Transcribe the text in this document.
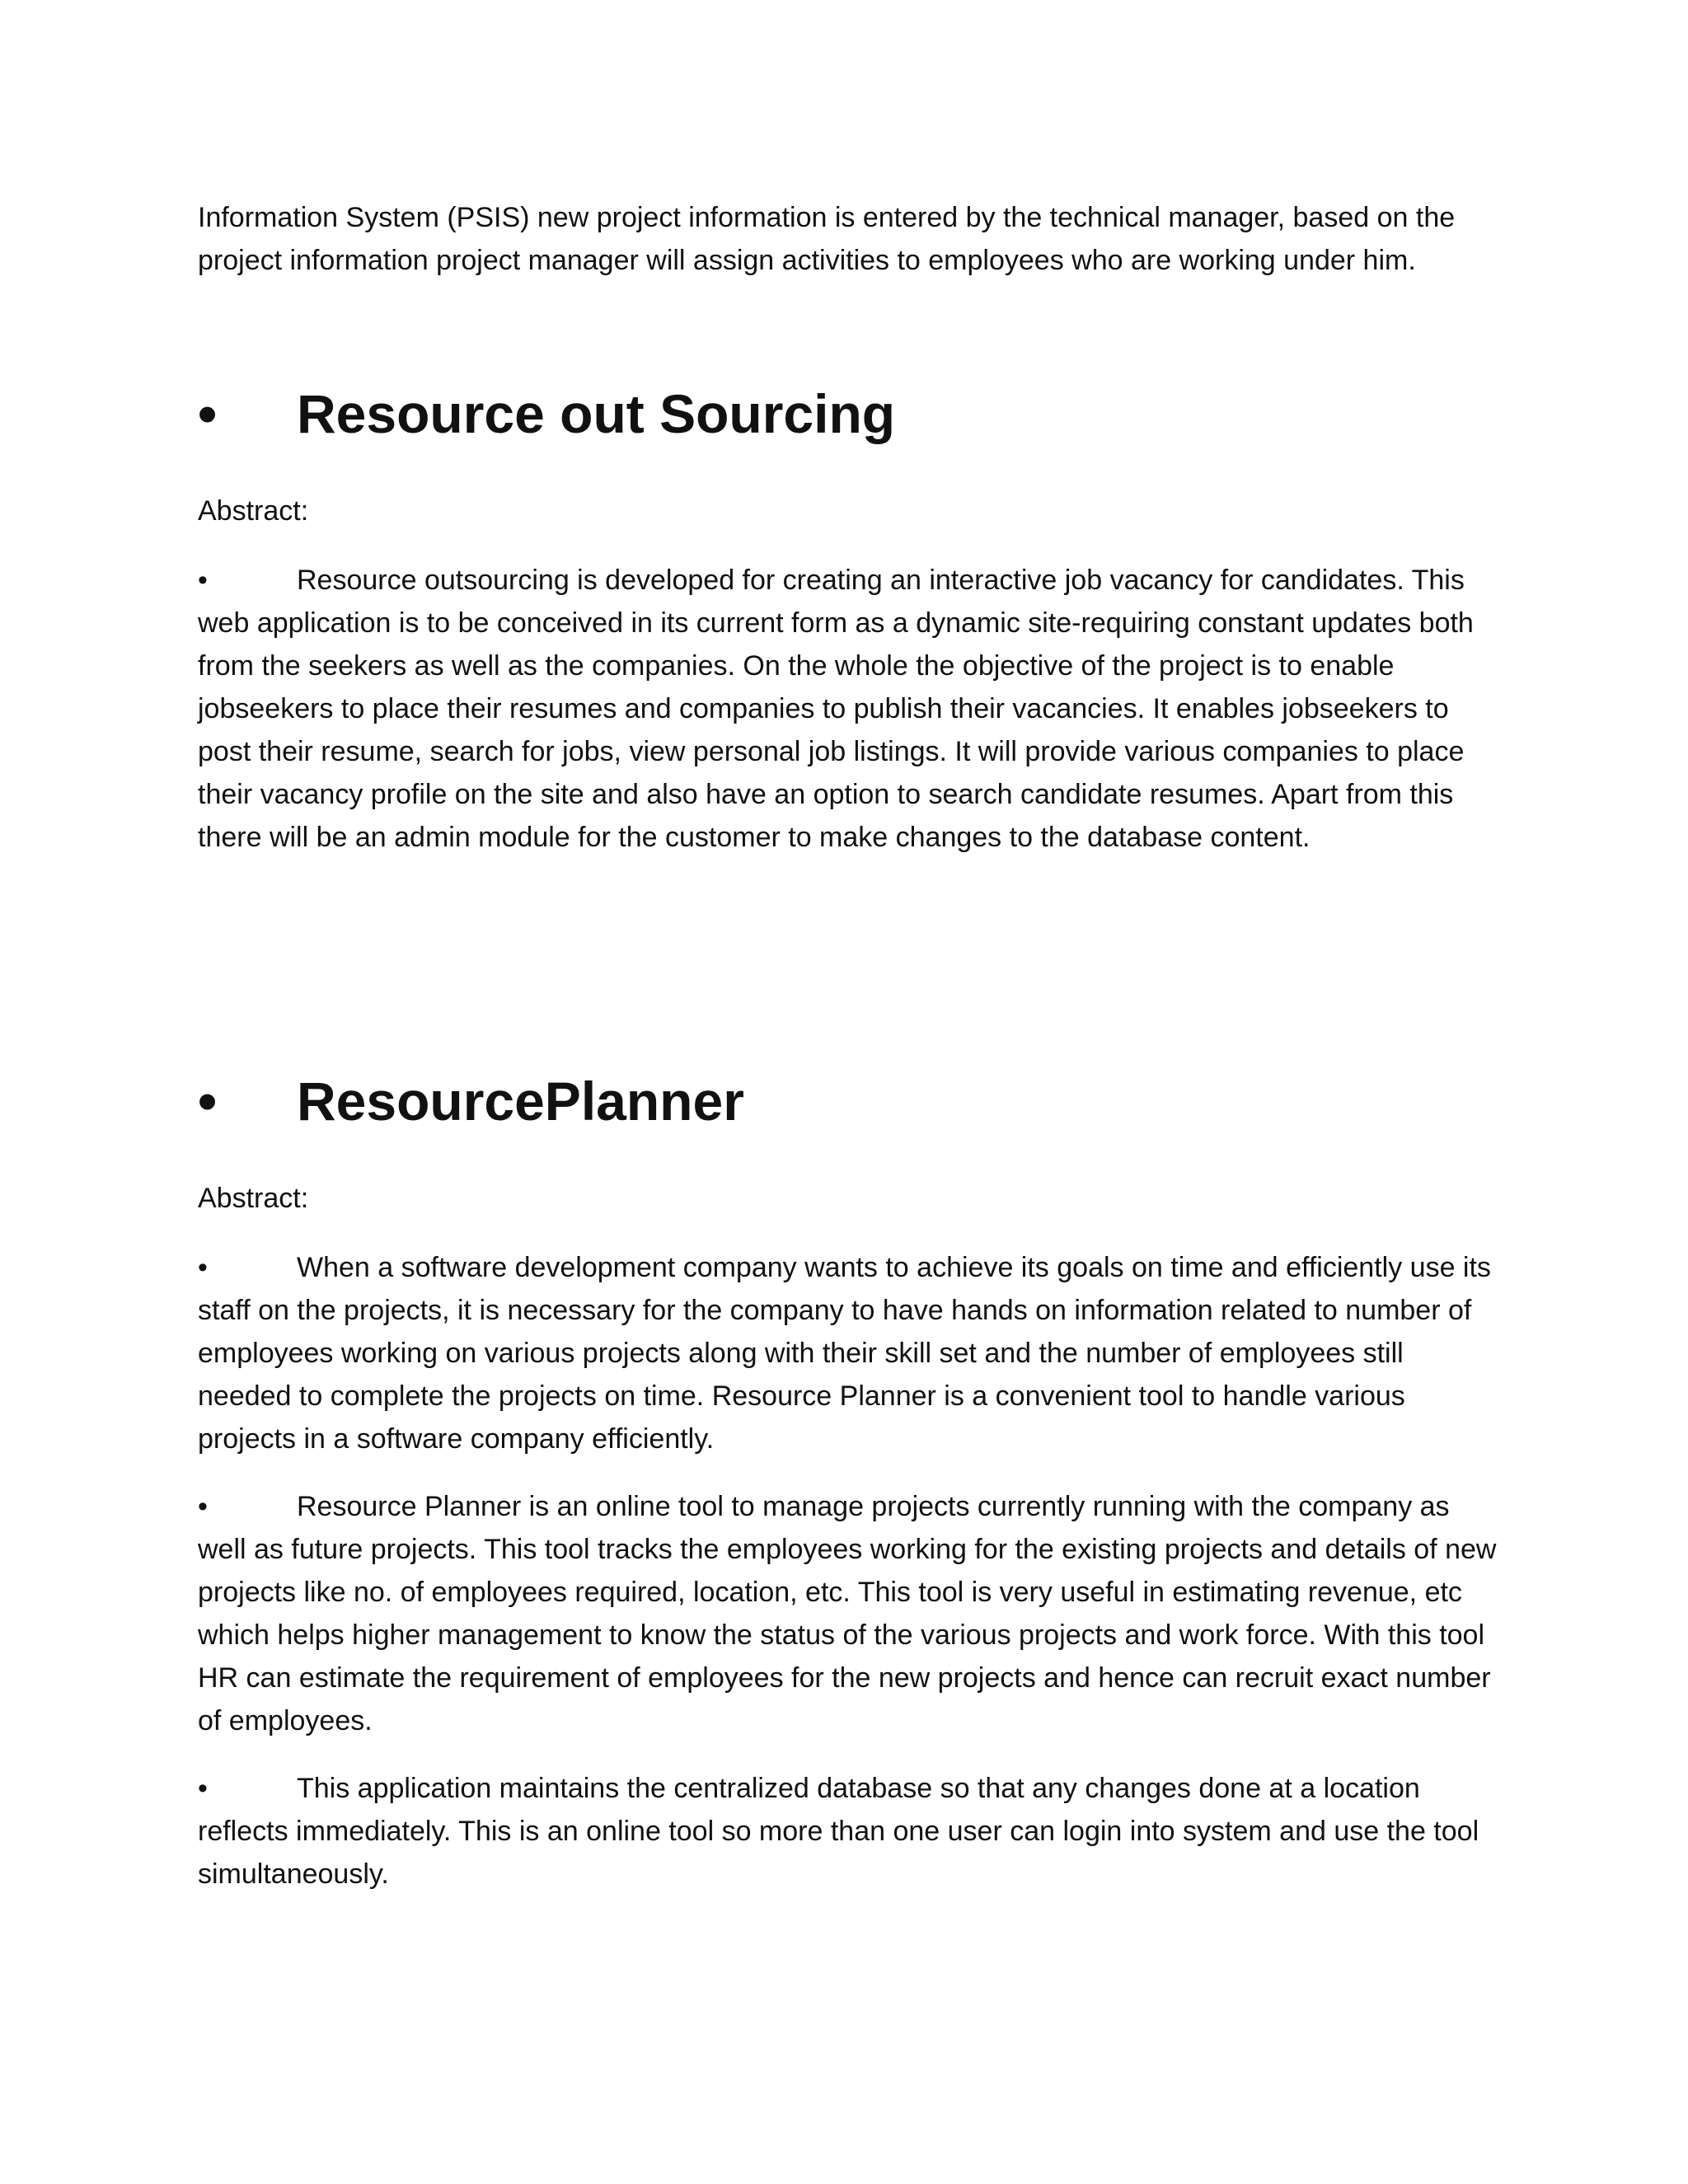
Information System (PSIS) new project information is entered by the technical manager, based on the project information project manager will assign activities to employees who are working under him.

• Resource out Sourcing

Abstract:

•	Resource outsourcing is developed for creating an interactive job vacancy for candidates. This web application is to be conceived in its current form as a dynamic site-requiring constant updates both from the seekers as well as the companies. On the whole the objective of the project is to enable jobseekers to place their resumes and companies to publish their vacancies. It enables jobseekers to post their resume, search for jobs, view personal job listings. It will provide various companies to place their vacancy profile on the site and also have an option to search candidate resumes. Apart from this there will be an admin module for the customer to make changes to the database content.

• ResourcePlanner

Abstract:

•	When a software development company wants to achieve its goals on time and efficiently use its staff on the projects, it is necessary for the company to have hands on information related to number of employees working on various projects along with their skill set and the number of employees still needed to complete the projects on time. Resource Planner is a convenient tool to handle various projects in a software company efficiently.

•	Resource Planner is an online tool to manage projects currently running with the company as well as future projects. This tool tracks the employees working for the existing projects and details of new projects like no. of employees required, location, etc. This tool is very useful in estimating revenue, etc which helps higher management to know the status of the various projects and work force. With this tool HR can estimate the requirement of employees for the new projects and hence can recruit exact number of employees.

•	This application maintains the centralized database so that any changes done at a location reflects immediately. This is an online tool so more than one user can login into system and use the tool simultaneously.
